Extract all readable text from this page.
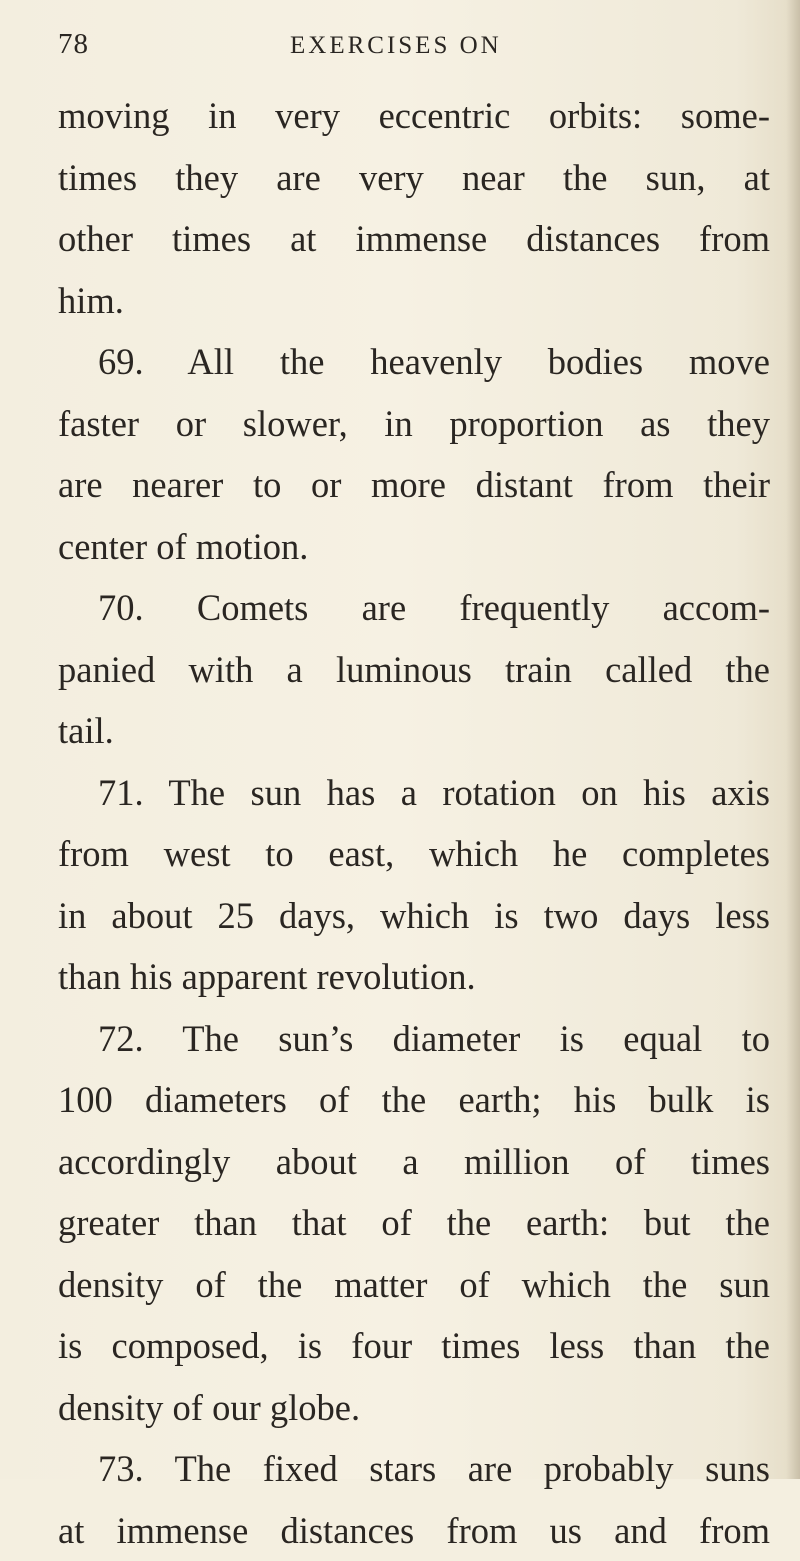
78	EXERCISES ON
moving in very eccentric orbits: some-
times they are very near the sun, at
other times at immense distances from
him.
69. All the heavenly bodies move
faster or slower, in proportion as they
are nearer to or more distant from their
center of motion.
70. Comets are frequently accom-
panied with a luminous train called the
tail.
71. The sun has a rotation on his axis
from west to east, which he completes
in about 25 days, which is two days less
than his apparent revolution.
72. The sun’s diameter is equal to
100 diameters of the earth; his bulk is
accordingly about a million of times
greater than that of the earth: but the
density of the matter of which the sun
is composed, is four times less than the
density of our globe.
73. The fixed stars are probably suns
at immense distances from us and from
